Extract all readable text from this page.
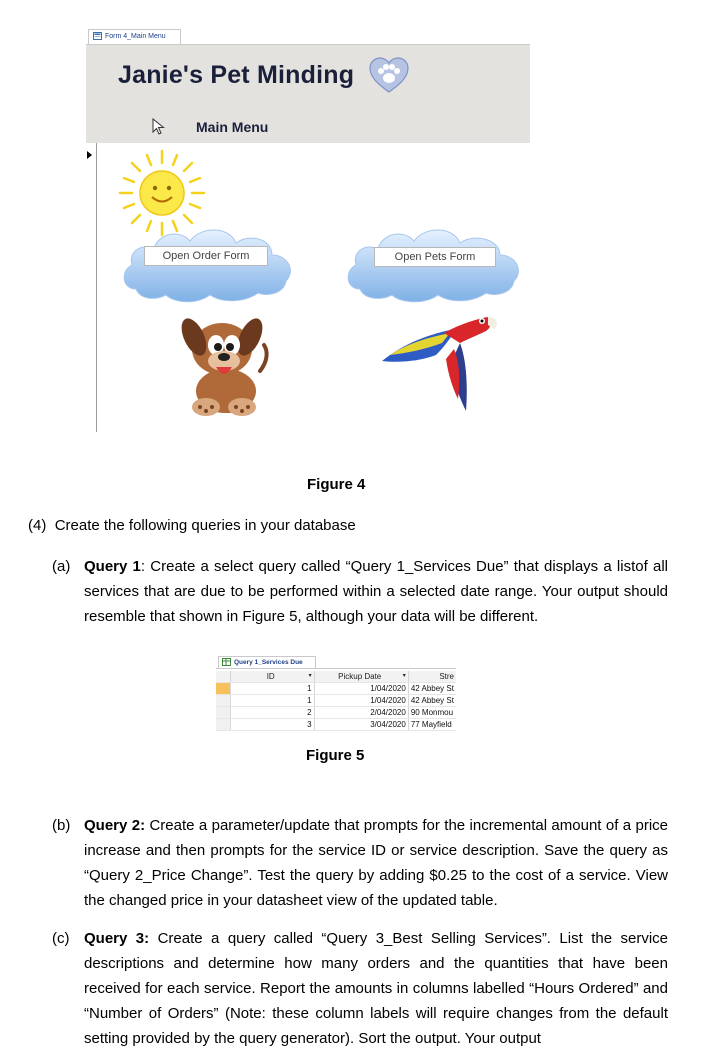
Form 4_Main Menu
Janie's Pet Minding
Main Menu
Open Order Form	Open Pets Form
Figure 4
(4) Create the following queries in your database
(a) Query 1: Create a select query called “Query 1_Services Due” that displays a listof all services that are due to be performed within a selected date range. Your output should resemble that shown in Figure 5, although your data will be different.

Query 1_Services Due
	ID ▾	Pickup Date ▾	Stre
	1	1/04/2020	42 Abbey St
	1	1/04/2020	42 Abbey St
	2	2/04/2020	90 Monmou
	3	3/04/2020	77 Mayfield
Figure 5
(b) Query 2: Create a parameter/update that prompts for the incremental amount of a price increase and then prompts for the service ID or service description. Save the query as “Query 2_Price Change”. Test the query by adding $0.25 to the cost of a service. View the changed price in your datasheet view of the updated table.

(c) Query 3: Create a query called “Query 3_Best Selling Services”. List the service descriptions and determine how many orders and the quantities that have been received for each service. Report the amounts in columns labelled “Hours Ordered” and “Number of Orders” (Note: these column labels will require changes from the default setting provided by the query generator). Sort the output. Your output
